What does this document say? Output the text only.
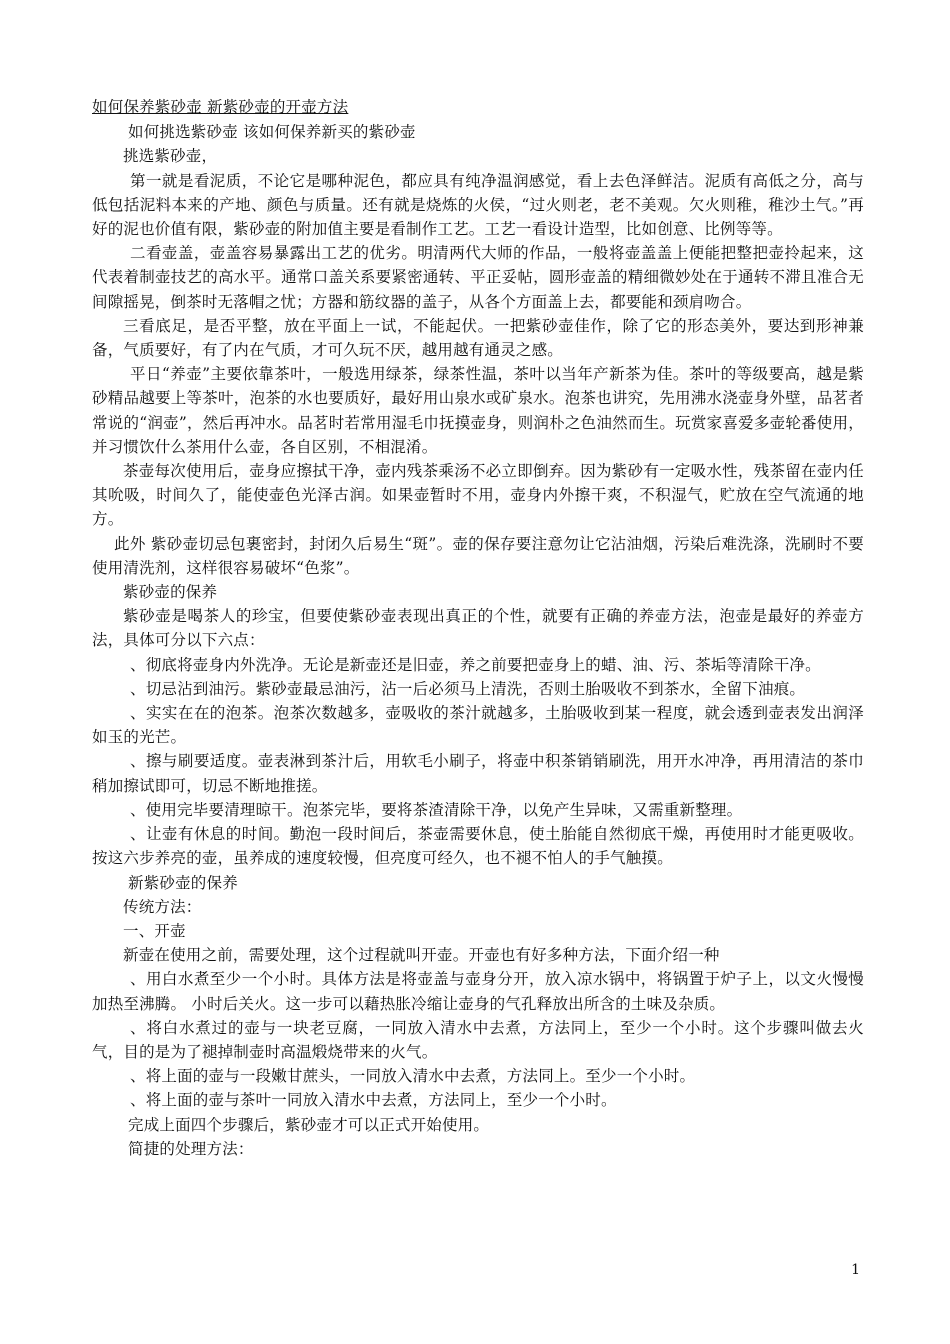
如何保养紫砂壶 新紫砂壶的开壶方法

如何挑选紫砂壶 该如何保养新买的紫砂壶

挑选紫砂壶，

第一就是看泥质，不论它是哪种泥色，都应具有纯净温润感觉，看上去色泽鲜洁。泥质有高低之分，高与低包括泥料本来的产地、颜色与质量。还有就是烧炼的火侯，“过火则老，老不美观。欠火则稚，稚沙土气。”再好的泥也价值有限，紫砂壶的附加值主要是看制作工艺。工艺一看设计造型，比如创意、比例等等。

二看壶盖，壶盖容易暴露出工艺的优劣。明清两代大师的作品，一般将壶盖盖上便能把整把壶拎起来，这代表着制壶技艺的高水平。通常口盖关系要紧密通转、平正妥帖，圆形壶盖的精细微妙处在于通转不滞且准合无间隙摇晃，倒茶时无落帽之忧；方器和筋纹器的盖子，从各个方面盖上去，都要能和颈肩吻合。

三看底足，是否平整，放在平面上一试，不能起伏。一把紫砂壶佳作，除了它的形态美外，要达到形神兼备，气质要好，有了内在气质，才可久玩不厌，越用越有通灵之感。

平日“养壶”主要依靠茶叶，一般选用绿茶，绿茶性温，茶叶以当年产新茶为佳。茶叶的等级要高，越是紫砂精品越要上等茶叶，泡茶的水也要质好，最好用山泉水或矿泉水。泡茶也讲究，先用沸水浇壶身外壁，品茗者常说的“润壶”，然后再冲水。品茗时若常用湿毛巾抚摸壶身，则润朴之色油然而生。玩赏家喜爱多壶轮番使用，并习惯饮什么茶用什么壶，各自区别，不相混淆。

茶壶每次使用后，壶身应擦拭干净，壶内残茶乘汤不必立即倒弃。因为紫砂有一定吸水性，残茶留在壶内任其吮吸，时间久了，能使壶色光泽古润。如果壶暂时不用，壶身内外擦干爽，不积湿气，贮放在空气流通的地方。

此外 紫砂壶切忌包裹密封，封闭久后易生“斑”。壶的保存要注意勿让它沾油烟，污染后难洗涤，洗刷时不要使用清洗剂，这样很容易破坏“色浆”。

紫砂壶的保养

紫砂壶是喝茶人的珍宝，但要使紫砂壶表现出真正的个性，就要有正确的养壶方法，泡壶是最好的养壶方法，具体可分以下六点：

、彻底将壶身内外洗净。无论是新壶还是旧壶，养之前要把壶身上的蜡、油、污、茶垢等清除干净。

、切忌沾到油污。紫砂壶最忌油污，沾一后必须马上清洗，否则土胎吸收不到茶水，全留下油痕。

、实实在在的泡茶。泡茶次数越多，壶吸收的茶汁就越多，土胎吸收到某一程度，就会透到壶表发出润泽如玉的光芒。

、擦与刷要适度。壶表淋到茶汁后，用软毛小刷子，将壶中积茶销销刷洗，用开水冲净，再用清洁的茶巾稍加擦试即可，切忌不断地推搓。

、使用完毕要清理晾干。泡茶完毕，要将茶渣清除干净，以免产生异味，又需重新整理。

、让壶有休息的时间。勤泡一段时间后，茶壶需要休息，使土胎能自然彻底干燥，再使用时才能更吸收。按这六步养亮的壶，虽养成的速度较慢，但亮度可经久，也不褪不怕人的手气触摸。

新紫砂壶的保养

传统方法：

一、开壶

新壶在使用之前，需要处理，这个过程就叫开壶。开壶也有好多种方法，下面介绍一种

、用白水煮至少一个小时。具体方法是将壶盖与壶身分开，放入凉水锅中，将锅置于炉子上，以文火慢慢加热至沸腾。 小时后关火。这一步可以藉热胀冷缩让壶身的气孔释放出所含的土味及杂质。

、将白水煮过的壶与一块老豆腐，一同放入清水中去煮，方法同上，至少一个小时。这个步骤叫做去火气，目的是为了褪掉制壶时高温煅烧带来的火气。

、将上面的壶与一段嫩甘蔗头，一同放入清水中去煮，方法同上。至少一个小时。

、将上面的壶与茶叶一同放入清水中去煮，方法同上，至少一个小时。

完成上面四个步骤后，紫砂壶才可以正式开始使用。

简捷的处理方法：

1
